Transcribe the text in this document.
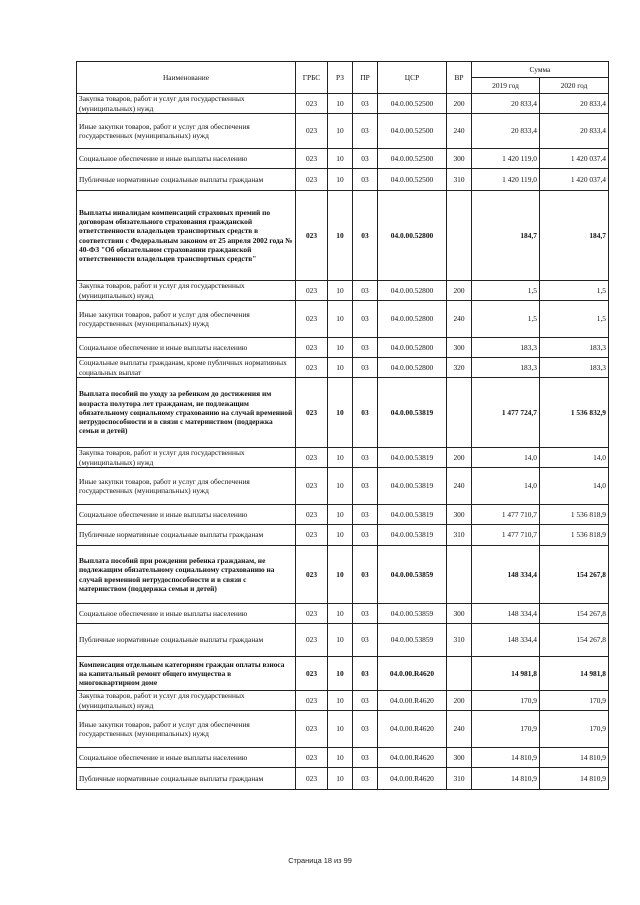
Наименование	ГРБС	РЗ	ПР	ЦСР	ВР	Сумма	
						2019 год	2020 год
Закупка товаров, работ и услуг для государственных (муниципальных) нужд	023	10	03	04.0.00.52500	200	20 833,4	20 833,4
Иные закупки товаров, работ и услуг для обеспечения государственных (муниципальных) нужд	023	10	03	04.0.00.52500	240	20 833,4	20 833,4
Социальное обеспечение и иные выплаты населению	023	10	03	04.0.00.52500	300	1 420 119,0	1 420 037,4
Публичные нормативные социальные выплаты гражданам	023	10	03	04.0.00.52500	310	1 420 119,0	1 420 037,4
Выплаты инвалидам компенсаций страховых премий по договорам обязательного страхования гражданской ответственности владельцев транспортных средств в соответствии с Федеральным законом от 25 апреля 2002 года № 40-ФЗ "Об обязательном страховании гражданской ответственности владельцев транспортных средств"	023	10	03	04.0.00.52800		184,7	184,7
Закупка товаров, работ и услуг для государственных (муниципальных) нужд	023	10	03	04.0.00.52800	200	1,5	1,5
Иные закупки товаров, работ и услуг для обеспечения государственных (муниципальных) нужд	023	10	03	04.0.00.52800	240	1,5	1,5
Социальное обеспечение и иные выплаты населению	023	10	03	04.0.00.52800	300	183,3	183,3
Социальные выплаты гражданам, кроме публичных нормативных социальных выплат	023	10	03	04.0.00.52800	320	183,3	183,3
Выплата пособий по уходу за ребенком до достижения им возраста полутора лет гражданам, не подлежащим обязательному социальному страхованию на случай временной нетрудоспособности и в связи с материнством (поддержка семьи и детей)	023	10	03	04.0.00.53819		1 477 724,7	1 536 832,9
Закупка товаров, работ и услуг для государственных (муниципальных) нужд	023	10	03	04.0.00.53819	200	14,0	14,0
Иные закупки товаров, работ и услуг для обеспечения государственных (муниципальных) нужд	023	10	03	04.0.00.53819	240	14,0	14,0
Социальное обеспечение и иные выплаты населению	023	10	03	04.0.00.53819	300	1 477 710,7	1 536 818,9
Публичные нормативные социальные выплаты гражданам	023	10	03	04.0.00.53819	310	1 477 710,7	1 536 818,9
Выплата пособий при рождении ребенка гражданам, не подлежащим обязательному социальному страхованию на случай временной нетрудоспособности и в связи с материнством (поддержка семьи и детей)	023	10	03	04.0.00.53859		148 334,4	154 267,8
Социальное обеспечение и иные выплаты населению	023	10	03	04.0.00.53859	300	148 334,4	154 267,8
Публичные нормативные социальные выплаты гражданам	023	10	03	04.0.00.53859	310	148 334,4	154 267,8
Компенсация отдельным категориям граждан оплаты взноса на капитальный ремонт общего имущества в многоквартирном доме	023	10	03	04.0.00.R4620		14 981,8	14 981,8
Закупка товаров, работ и услуг для государственных (муниципальных) нужд	023	10	03	04.0.00.R4620	200	170,9	170,9
Иные закупки товаров, работ и услуг для обеспечения государственных (муниципальных) нужд	023	10	03	04.0.00.R4620	240	170,9	170,9
Социальное обеспечение и иные выплаты населению	023	10	03	04.0.00.R4620	300	14 810,9	14 810,9
Публичные нормативные социальные выплаты гражданам	023	10	03	04.0.00.R4620	310	14 810,9	14 810,9
Страница 18 из 99
